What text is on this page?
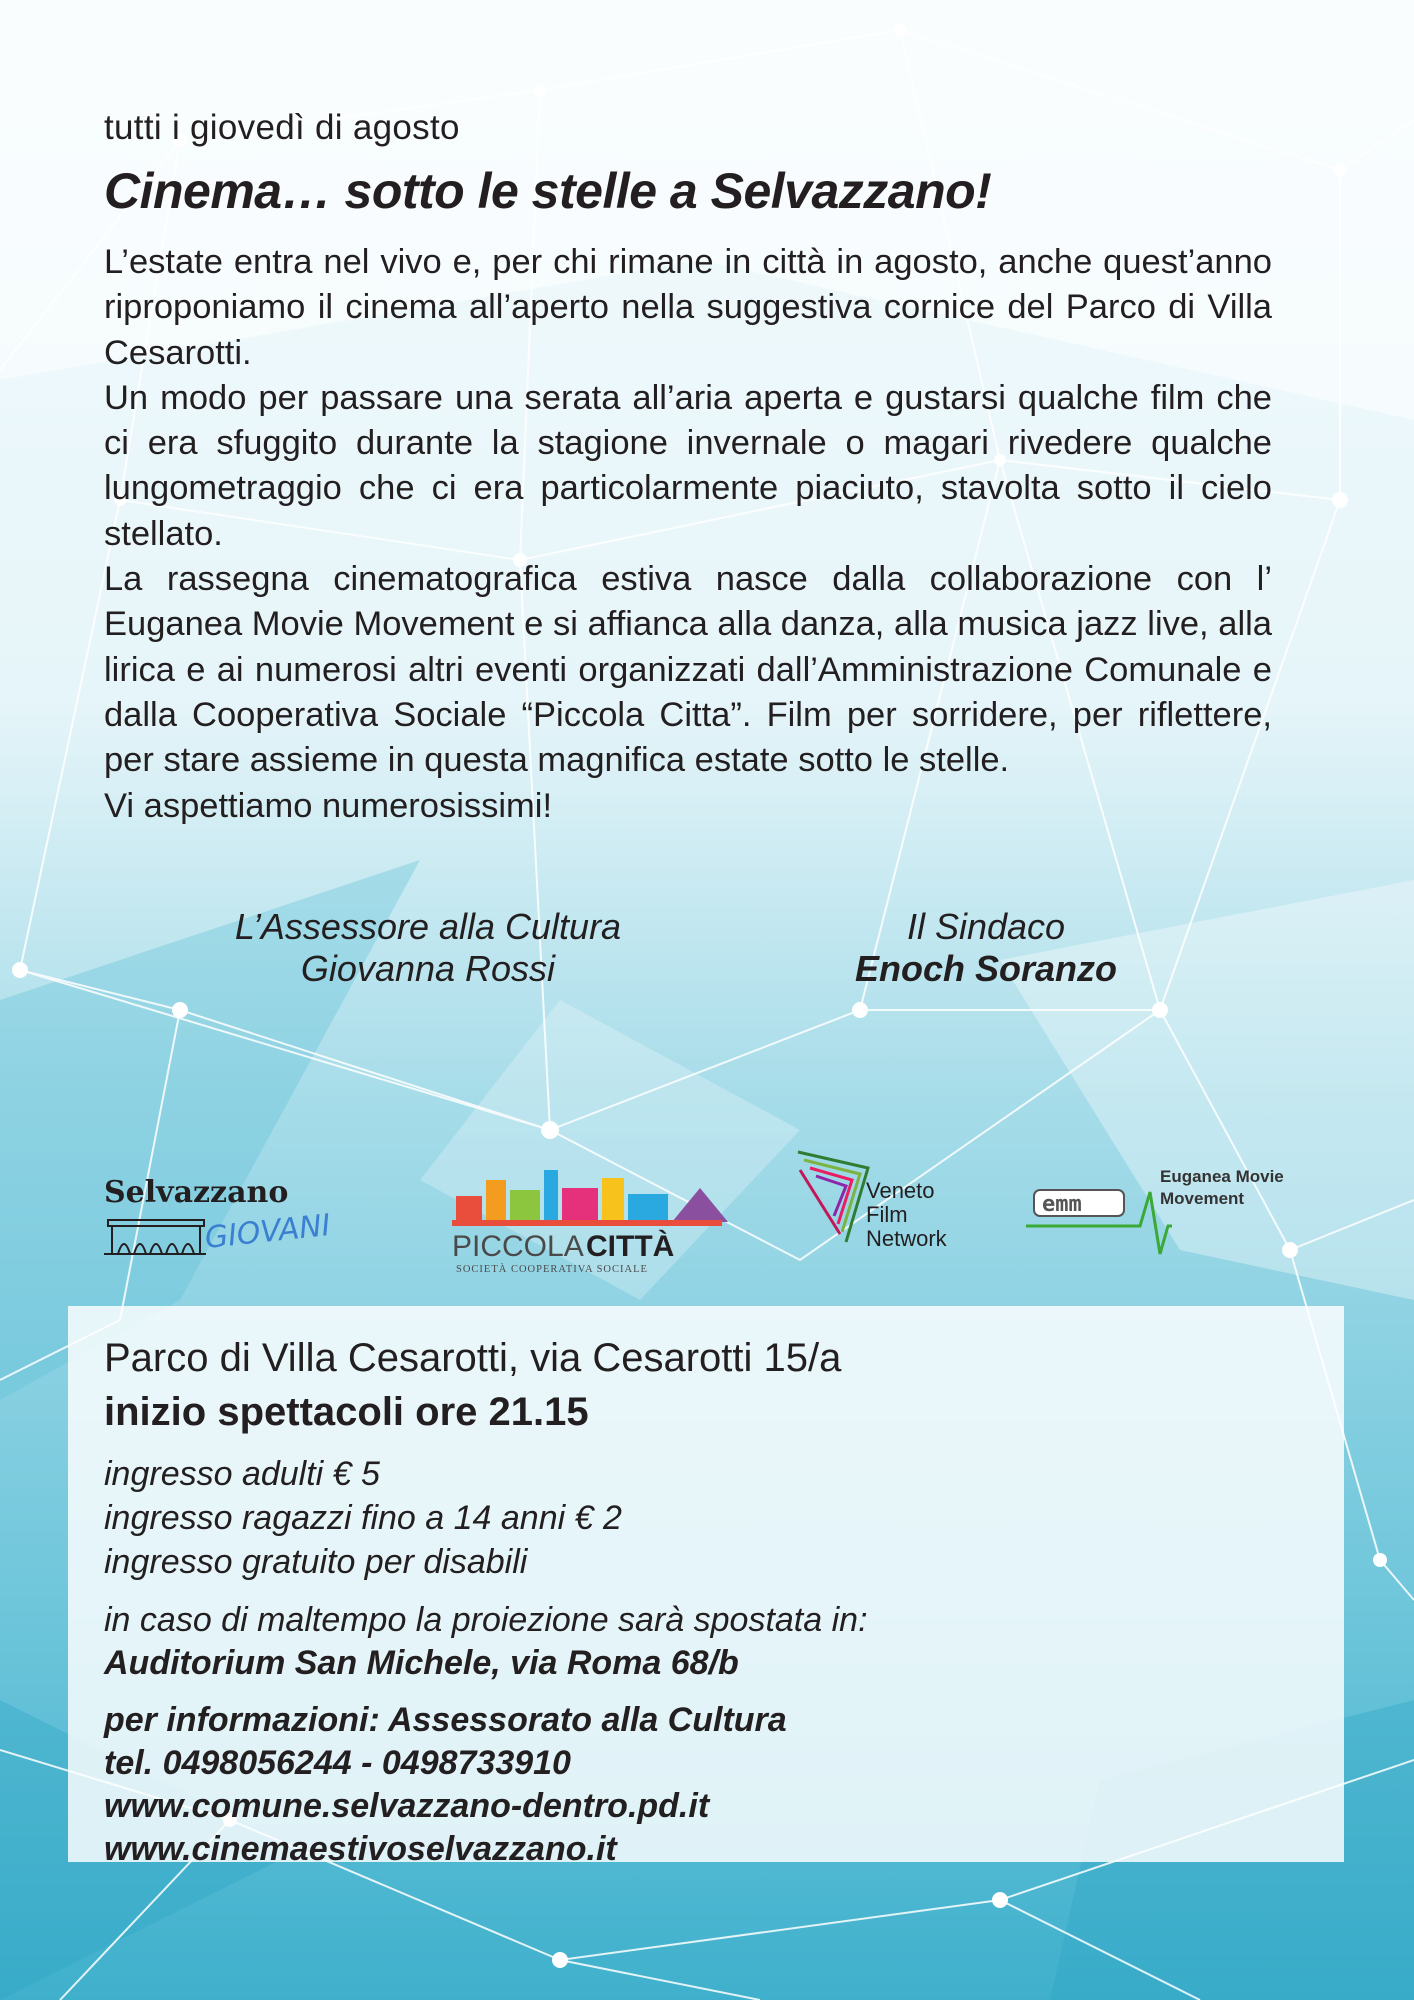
tutti i giovedì di agosto
Cinema… sotto le stelle a Selvazzano!

L’estate entra nel vivo e, per chi rimane in città in agosto, anche quest’anno riproponiamo il cinema all’aperto nella suggestiva cornice del Parco di Villa Cesarotti.

Un modo per passare una serata all’aria aperta e gustarsi qualche film che ci era sfuggito durante la stagione invernale o magari rivedere qualche lungometraggio che ci era particolarmente piaciuto, stavolta sotto il cielo stellato.

La rassegna cinematografica estiva nasce dalla collaborazione con l’ Euganea Movie Movement e si affianca alla danza, alla musica jazz live, alla lirica e ai numerosi altri eventi organizzati dall’Amministrazione Comunale e dalla Cooperativa Sociale “Piccola Citta”. Film per sorridere, per riflettere, per stare assieme in questa magnifica estate sotto le stelle.

Vi aspettiamo numerosissimi!

L’Assessore alla Cultura
Giovanna Rossi
Il Sindaco
Enoch Soranzo
Selvazzano
GIOVANI	PICCOLA CITTÀ
SOCIETÀ COOPERATIVA SOCIALE
Veneto
Film
Network
emm
Euganea Movie
Movement
Parco di Villa Cesarotti, via Cesarotti 15/a
inizio spettacoli ore 21.15
ingresso adulti € 5
ingresso ragazzi fino a 14 anni € 2
ingresso gratuito per disabili
in caso di maltempo la proiezione sarà spostata in:
Auditorium San Michele, via Roma 68/b
per informazioni: Assessorato alla Cultura
tel. 0498056244 - 0498733910
www.comune.selvazzano-dentro.pd.it
www.cinemaestivoselvazzano.it
